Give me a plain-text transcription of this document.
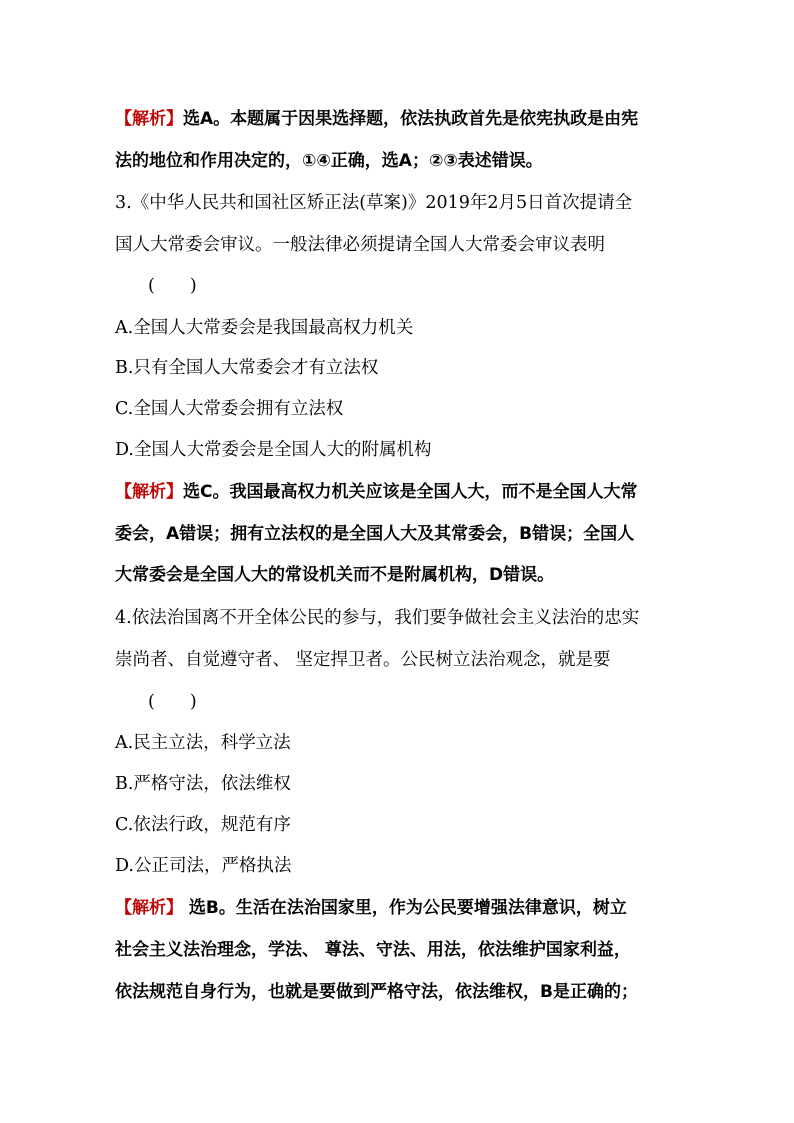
【解析】选A。本题属于因果选择题，依法执政首先是依宪执政是由宪
法的地位和作用决定的，①④正确，选A；②③表述错误。
3.《中华人民共和国社区矫正法(草案)》2019年2月5日首次提请全
国人大常委会审议。一般法律必须提请全国人大常委会审议表明
(　　)
A.全国人大常委会是我国最高权力机关
B.只有全国人大常委会才有立法权
C.全国人大常委会拥有立法权
D.全国人大常委会是全国人大的附属机构
【解析】选C。我国最高权力机关应该是全国人大，而不是全国人大常
委会，A错误；拥有立法权的是全国人大及其常委会，B错误；全国人
大常委会是全国人大的常设机关而不是附属机构，D错误。
4.依法治国离不开全体公民的参与，我们要争做社会主义法治的忠实
崇尚者、自觉遵守者、 坚定捍卫者。公民树立法治观念，就是要
(　　)
A.民主立法，科学立法
B.严格守法，依法维权
C.依法行政，规范有序
D.公正司法，严格执法
【解析】 选B。生活在法治国家里，作为公民要增强法律意识，树立
社会主义法治理念，学法、 尊法、守法、用法，依法维护国家利益，
依法规范自身行为，也就是要做到严格守法，依法维权，B是正确的；
